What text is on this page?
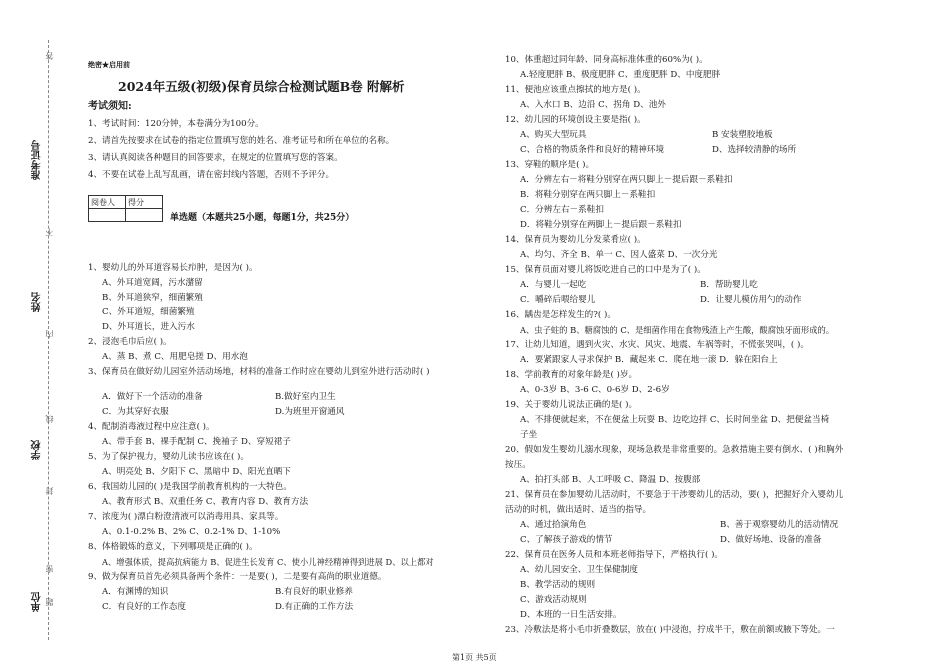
答
不
内
线
封
密
题
准考证号
姓名
学校
单位
绝密★启用前
2024年五级(初级)保育员综合检测试题B卷 附解析
考试须知:
1、考试时间：120分钟，本卷满分为100分。
2、请首先按要求在试卷的指定位置填写您的姓名、准考证号和所在单位的名称。
3、请认真阅读各种题目的回答要求，在规定的位置填写您的答案。
4、不要在试卷上乱写乱画，请在密封线内答题，否则不予评分。
阅卷人	得分

单选题（本题共25小题，每题1分，共25分）
1、婴幼儿的外耳道容易长疖肿，是因为( )。
A、外耳道宽阔，污水潴留
B、外耳道狭窄，细菌繁殖
C、外耳道短，细菌繁殖
D、外耳道长，进入污水
2、浸泡毛巾后应( )。
A、蒸 B、煮 C、用肥皂搓 D、用水泡
3、保育员在做好幼儿园室外活动场地，材料的准备工作时应在婴幼儿到室外进行活动时( )
A．做好下一个活动的准备	B.做好室内卫生
C．为其穿好衣服	D.为班里开窗通风
4、配制消毒液过程中应注意( )。
A、带手套 B、裸手配制 C、挽袖子 D、穿短裙子
5、为了保护视力，婴幼儿读书应该在( )。
A、明亮处 B、夕阳下 C、黑暗中 D、阳光直晒下
6、我国幼儿园的( )是我国学前教育机构的一大特色。
A、教育形式 B、双重任务 C、教育内容 D、教育方法
7、浓度为( )漂白粉澄清液可以消毒用具、家具等。
A、0.1-0.2% B、2% C、0.2-1% D、1-10%
8、体格锻炼的意义，下列哪项是正确的( )。
A、增强体质，提高抗病能力 B、促进生长发育 C、使小儿神经精神得到进展 D、以上都对
9、做为保育员首先必须具备两个条件：一是要( )，二是要有高尚的职业道德。
A．有渊博的知识	B.有良好的职业修养
C．有良好的工作态度	D.有正确的工作方法
10、体重超过同年龄、同身高标准体重的60%为( )。
A.轻度肥胖 B、极度肥胖 C、重度肥胖 D、中度肥胖
11、便池应该重点擦拭的地方是( )。
A、入水口 B、边沿 C、拐角 D、池外
12、幼儿园的环境创设主要是指( )。
A、购买大型玩具	B 安装塑胶地板
C、合格的物质条件和良好的精神环境	D、选择较清静的场所
13、穿鞋的顺序是( )。
A．分辨左右－将鞋分别穿在两只脚上－提后跟－系鞋扣
B．将鞋分别穿在两只脚上－系鞋扣
C．分辨左右－系鞋扣
D．将鞋分别穿在两脚上－提后跟－系鞋扣
14、保育员为婴幼儿分发菜肴应( )。
A、均匀、齐全 B、单一 C、因人盛菜 D、一次分光
15、保育员面对婴儿将饭吃进自己的口中是为了( )。
A．与婴儿一起吃	B．帮助婴儿吃
C．嚼碎后喂给婴儿	D．让婴儿模仿用勺的动作
16、龋齿是怎样发生的?( )。
A、虫子蛀的 B、糖腐蚀的 C、是细菌作用在食物残渣上产生酸，酸腐蚀牙面形成的。
17、让幼儿知道，遇到火灾、水灾、风灾、地震、车祸等时，不慌张哭叫，( )。
A．要紧跟家人寻求保护 B．藏起来 C．爬在地一滚 D．躲在阳台上
18、学前教育的对象年龄是( )岁。
A、0-3岁 B、3-6 C、0-6岁 D、2-6岁
19、关于婴幼儿说法正确的是( )。
A、不排便就起来，不在便盆上玩耍 B、边吃边拌 C、长时间坐盆 D、把便盆当椅
子坐
20、假如发生婴幼儿溺水现象，现场急救是非常重要的。急救措施主要有倒水、( )和胸外
按压。
A、拍打头部 B、人工呼吸 C、降温 D、按腹部
21、保育员在参加婴幼儿活动时，不要急于干涉婴幼儿的活动，要( )，把握好介入婴幼儿
活动的时机，做出适时、适当的指导。
A、通过拾演角色	B、善于观察婴幼儿的活动情况
C、了解孩子游戏的情节	D、做好场地、设备的准备
22、保育员在医务人员和本班老师指导下，严格执行( )。
A、幼儿园安全、卫生保健制度
B、教学活动的规则
C、游戏活动规则
D、本班的一日生活安排。
23、冷敷法是将小毛巾折叠数层，放在( )中浸泡，拧成半干，敷在前额或腋下等处。一
第1页 共5页
